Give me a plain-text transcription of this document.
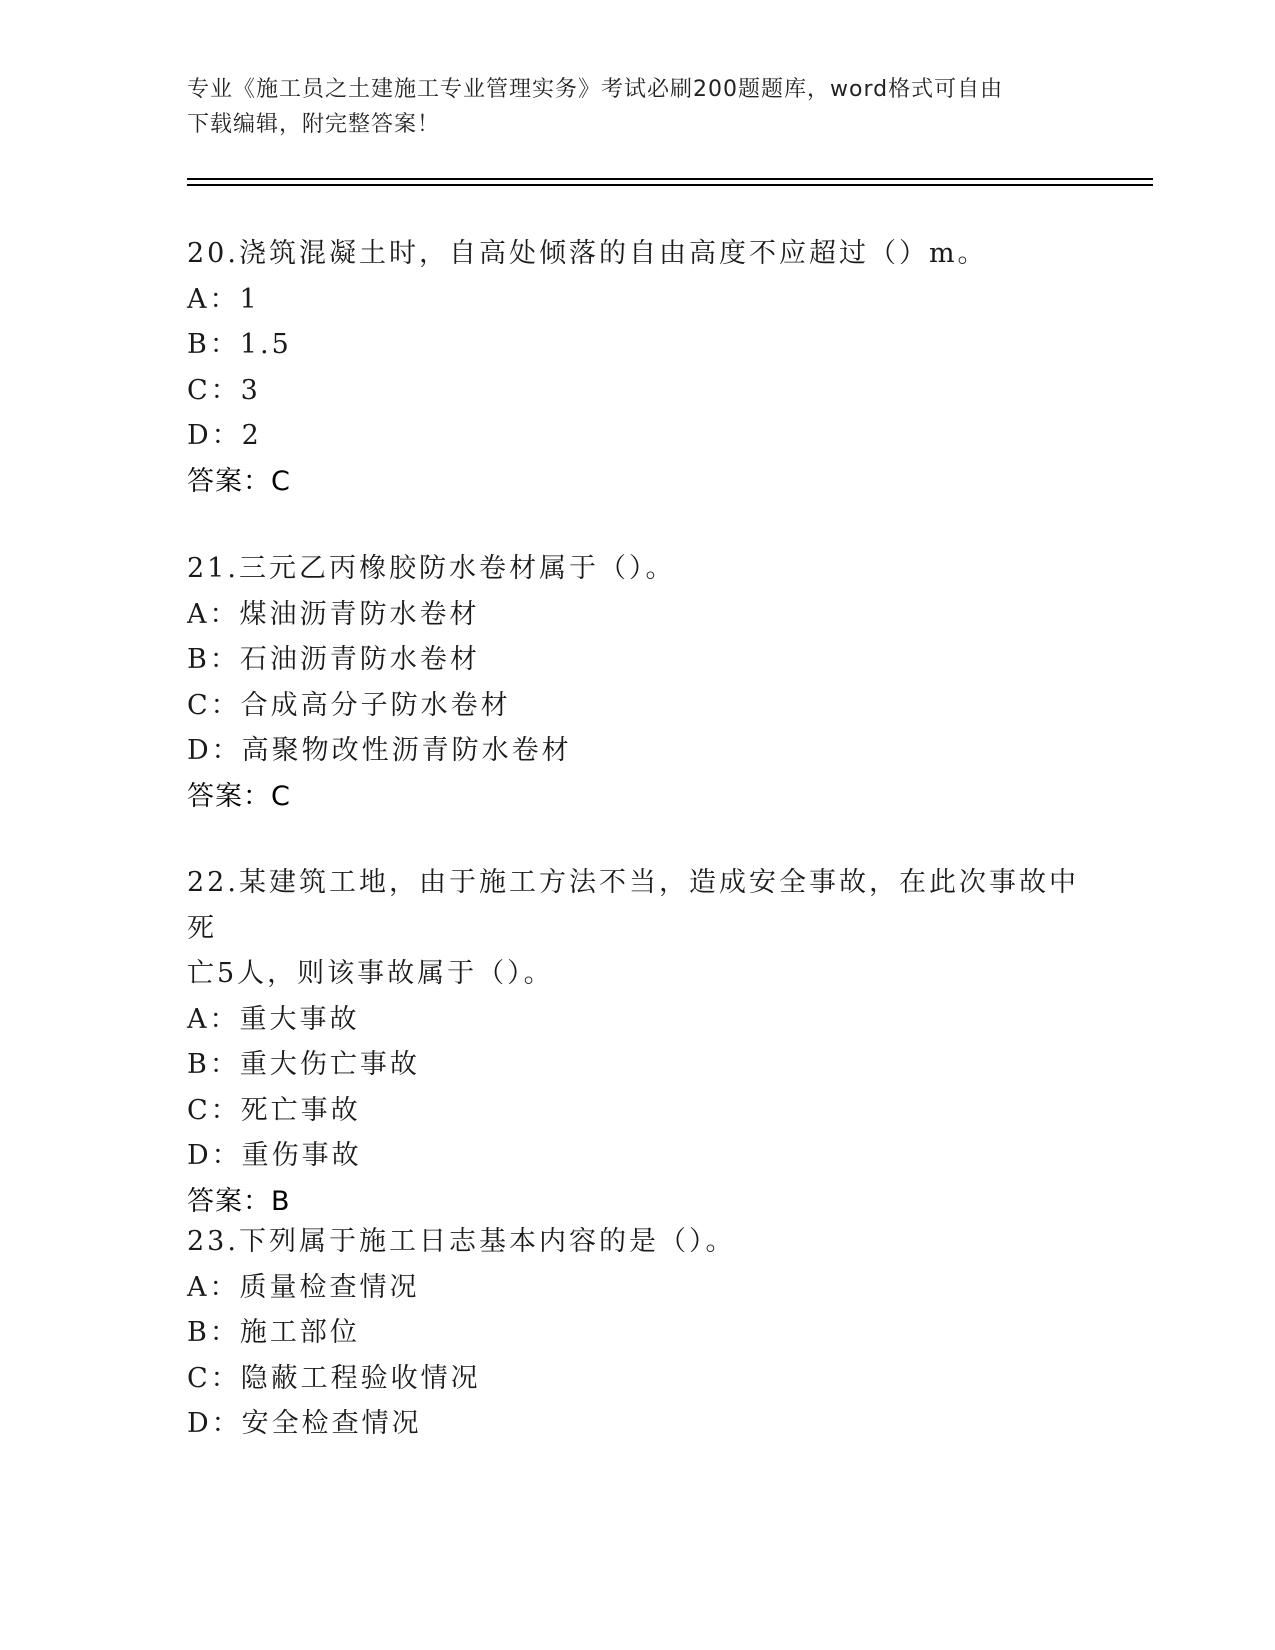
专业《施工员之土建施工专业管理实务》考试必刷200题题库，word格式可自由
下载编辑，附完整答案！

20.浇筑混凝土时，自高处倾落的自由高度不应超过（）m。

A：1

B：1.5

C：3

D：2

答案：C

21.三元乙丙橡胶防水卷材属于（）。

A：煤油沥青防水卷材

B：石油沥青防水卷材

C：合成高分子防水卷材

D：高聚物改性沥青防水卷材

答案：C

22.某建筑工地，由于施工方法不当，造成安全事故，在此次事故中死

亡5人，则该事故属于（）。

A：重大事故

B：重大伤亡事故

C：死亡事故

D：重伤事故

答案：B

23.下列属于施工日志基本内容的是（）。

A：质量检查情况

B：施工部位

C：隐蔽工程验收情况

D：安全检查情况
